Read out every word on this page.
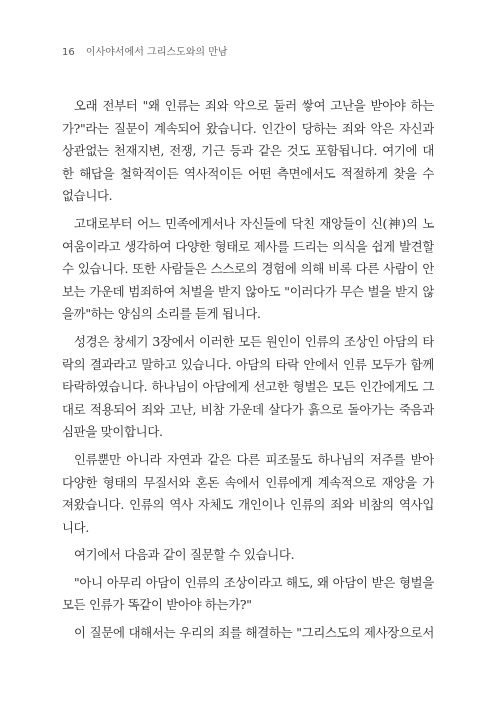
16 이사야서에서 그리스도와의 만남
오래 전부터 "왜 인류는 죄와 악으로 둘러 쌓여 고난을 받아야 하는
가?"라는 질문이 계속되어 왔습니다. 인간이 당하는 죄와 악은 자신과
상관없는 천재지변, 전쟁, 기근 등과 같은 것도 포함됩니다. 여기에 대
한 해답을 철학적이든 역사적이든 어떤 측면에서도 적절하게 찾을 수
없습니다.
고대로부터 어느 민족에게서나 자신들에 닥친 재앙들이 신(神)의 노
여움이라고 생각하여 다양한 형태로 제사를 드리는 의식을 쉽게 발견할
수 있습니다. 또한 사람들은 스스로의 경험에 의해 비록 다른 사람이 안
보는 가운데 범죄하여 처벌을 받지 않아도 "이러다가 무슨 벌을 받지 않
을까"하는 양심의 소리를 듣게 됩니다.
성경은 창세기 3장에서 이러한 모든 원인이 인류의 조상인 아담의 타
락의 결과라고 말하고 있습니다. 아담의 타락 안에서 인류 모두가 함께
타락하였습니다. 하나님이 아담에게 선고한 형벌은 모든 인간에게도 그
대로 적용되어 죄와 고난, 비참 가운데 살다가 흙으로 돌아가는 죽음과
심판을 맞이합니다.
인류뿐만 아니라 자연과 같은 다른 피조물도 하나님의 저주를 받아
다양한 형태의 무질서와 혼돈 속에서 인류에게 계속적으로 재앙을 가
져왔습니다. 인류의 역사 자체도 개인이나 인류의 죄와 비참의 역사입
니다.
여기에서 다음과 같이 질문할 수 있습니다.
"아니 아무리 아담이 인류의 조상이라고 해도, 왜 아담이 받은 형벌을
모든 인류가 똑같이 받아야 하는가?"
이 질문에 대해서는 우리의 죄를 해결하는 "그리스도의 제사장으로서
